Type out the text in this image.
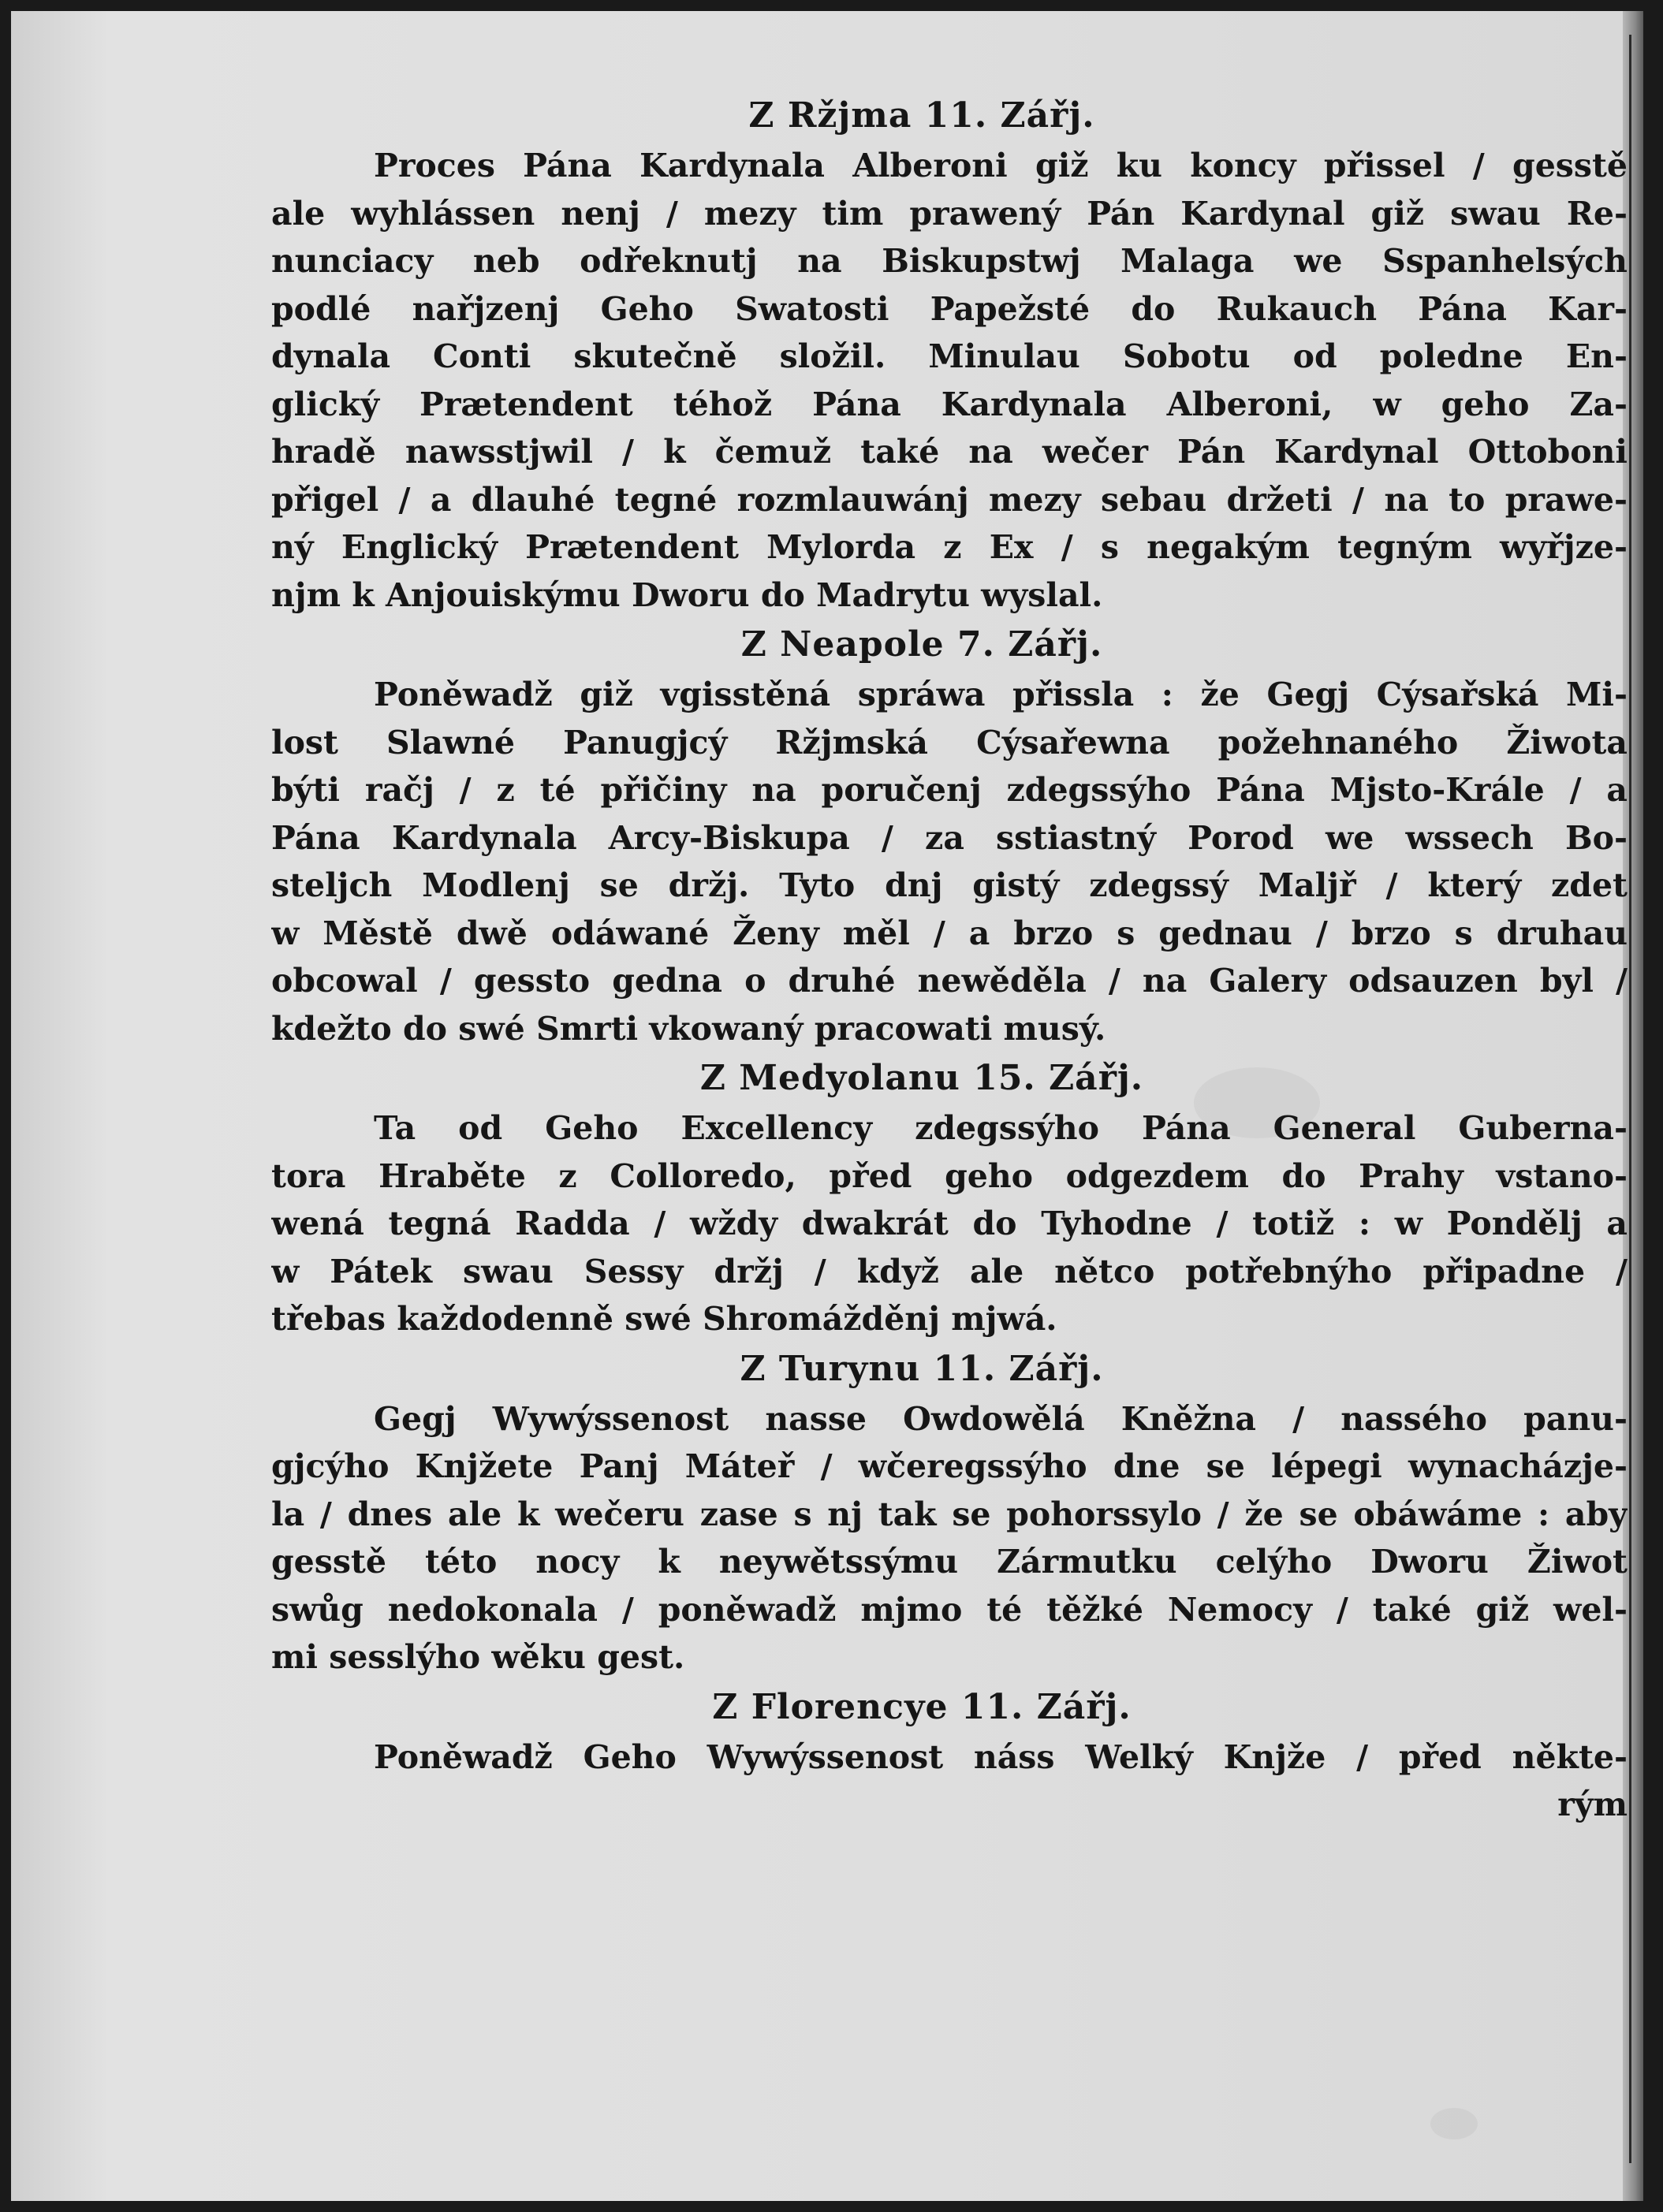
Z Ržjma 11. Zářj.
Proces Pána Kardynala Alberoni giž ku koncy přissel / gesstě
ale wyhlássen nenj / mezy tim prawený Pán Kardynal giž swau Re-
nunciacy neb odřeknutj na Biskupstwj Malaga we Sspanhelsých
podlé nařjzenj Geho Swatosti Papežsté do Rukauch Pána Kar-
dynala Conti skutečně složil. Minulau Sobotu od poledne En-
glický Prætendent téhož Pána Kardynala Alberoni, w geho Za-
hradě nawsstjwil / k čemuž také na wečer Pán Kardynal Ottoboni
přigel / a dlauhé tegné rozmlauwánj mezy sebau držeti / na to prawe-
ný Englický Prætendent Mylorda z Ex / s negakým tegným wyřjze-
njm k Anjouiskýmu Dworu do Madrytu wyslal.
Z Neapole 7. Zářj.
Poněwadž giž vgisstěná spráwa přissla : že Gegj Cýsařská Mi-
lost Slawné Panugjcý Ržjmská Cýsařewna požehnaného Žiwota
býti račj / z té přičiny na poručenj zdegssýho Pána Mjsto-Krále / a
Pána Kardynala Arcy-Biskupa / za sstiastný Porod we wssech Bo-
steljch Modlenj se držj. Tyto dnj gistý zdegssý Maljř / který zdet
w Městě dwě odáwané Ženy měl / a brzo s gednau / brzo s druhau
obcowal / gessto gedna o druhé newěděla / na Galery odsauzen byl /
kdežto do swé Smrti vkowaný pracowati musý.
Z Medyolanu 15. Zářj.
Ta od Geho Excellency zdegssýho Pána General Guberna-
tora Hraběte z Colloredo, před geho odgezdem do Prahy vstano-
wená tegná Radda / wždy dwakrát do Tyhodne / totiž : w Pondělj a
w Pátek swau Sessy držj / když ale nětco potřebnýho připadne /
třebas každodenně swé Shromážděnj mjwá.
Z Turynu 11. Zářj.
Gegj Wywýssenost nasse Owdowělá Kněžna / nassého panu-
gjcýho Knjžete Panj Máteř / wčeregssýho dne se lépegi wynacházje-
la / dnes ale k wečeru zase s nj tak se pohorssylo / že se obáwáme : aby
gesstě této nocy k neywětssýmu Zármutku celýho Dworu Žiwot
swůg nedokonala / poněwadž mjmo té těžké Nemocy / také giž wel-
mi sesslýho wěku gest.
Z Florencye 11. Zářj.
Poněwadž Geho Wywýssenost náss Welký Knjže / před někte-
rým
